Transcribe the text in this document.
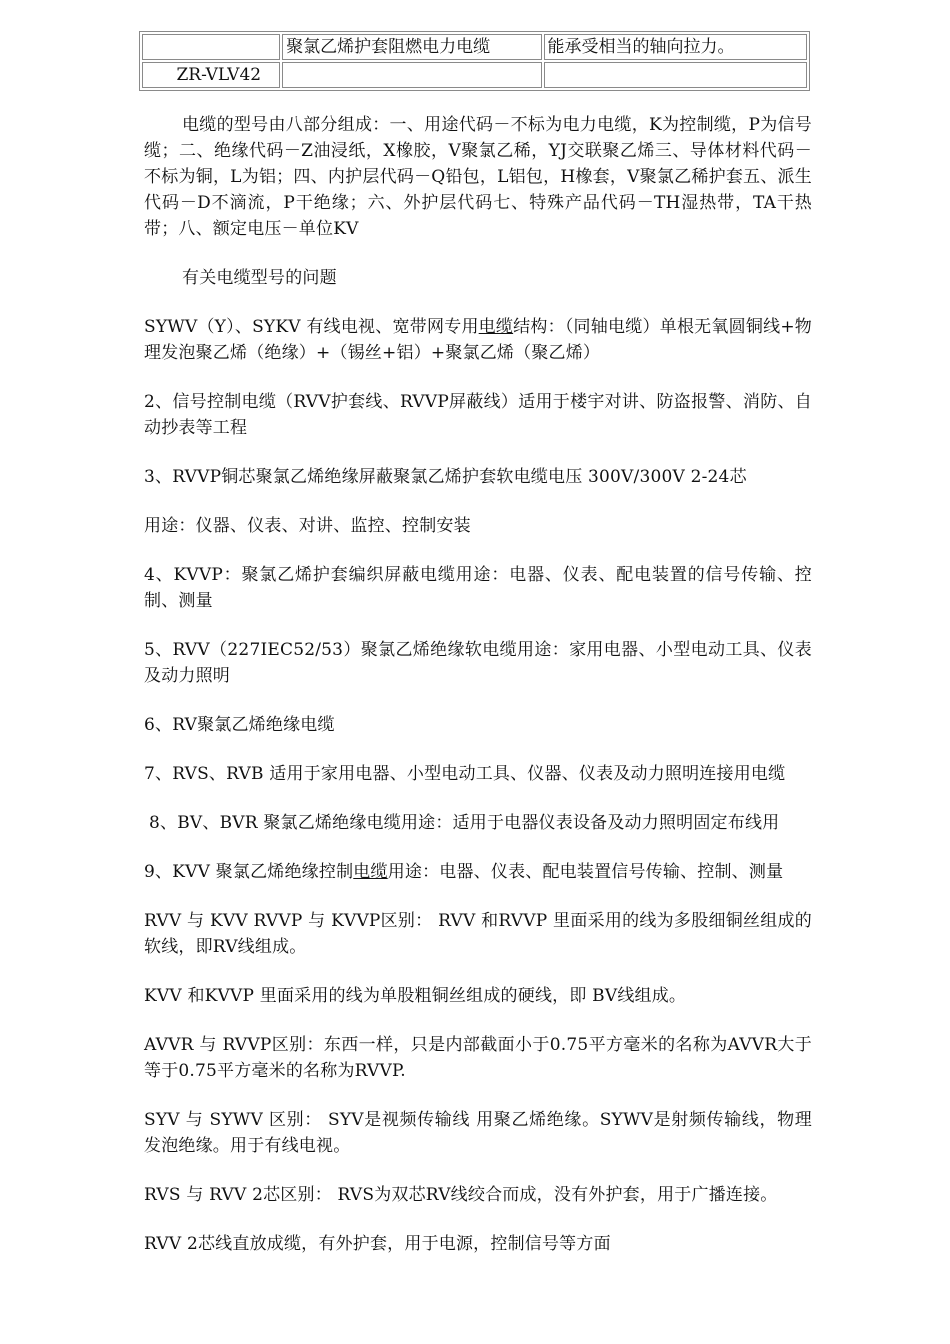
	聚氯乙烯护套阻燃电力电缆	能承受相当的轴向拉力。
ZR-VLV42		

电缆的型号由八部分组成：一、用途代码－不标为电力电缆，K为控制缆，P为信号缆；二、绝缘代码－Z油浸纸，X橡胶，V聚氯乙稀，YJ交联聚乙烯三、导体材料代码－不标为铜，L为铝；四、内护层代码－Q铅包，L铝包，H橡套，V聚氯乙稀护套五、派生代码－D不滴流，P干绝缘；六、外护层代码七、特殊产品代码－TH湿热带，TA干热带；八、额定电压－单位KV

有关电缆型号的问题

SYWV（Y）、SYKV 有线电视、宽带网专用电缆结构：（同轴电缆）单根无氧圆铜线+物理发泡聚乙烯（绝缘）+（锡丝+铝）+聚氯乙烯（聚乙烯）

2、信号控制电缆（RVV护套线、RVVP屏蔽线）适用于楼宇对讲、防盗报警、消防、自动抄表等工程

3、RVVP铜芯聚氯乙烯绝缘屏蔽聚氯乙烯护套软电缆电压 300V/300V 2-24芯

用途：仪器、仪表、对讲、监控、控制安装

4、KVVP：聚氯乙烯护套编织屏蔽电缆用途：电器、仪表、配电装置的信号传输、控制、测量

5、RVV（227IEC52/53）聚氯乙烯绝缘软电缆用途：家用电器、小型电动工具、仪表及动力照明

6、RV聚氯乙烯绝缘电缆

7、RVS、RVB 适用于家用电器、小型电动工具、仪器、仪表及动力照明连接用电缆

8、BV、BVR 聚氯乙烯绝缘电缆用途：适用于电器仪表设备及动力照明固定布线用

9、KVV 聚氯乙烯绝缘控制电缆用途：电器、仪表、配电装置信号传输、控制、测量

RVV 与 KVV RVVP 与 KVVP区别： RVV 和RVVP 里面采用的线为多股细铜丝组成的软线，即RV线组成。

KVV 和KVVP 里面采用的线为单股粗铜丝组成的硬线，即 BV线组成。

AVVR 与 RVVP区别：东西一样，只是内部截面小于0.75平方毫米的名称为AVVR大于等于0.75平方毫米的名称为RVVP.

SYV 与 SYWV 区别： SYV是视频传输线 用聚乙烯绝缘。SYWV是射频传输线，物理发泡绝缘。用于有线电视。

RVS 与 RVV 2芯区别： RVS为双芯RV线绞合而成，没有外护套，用于广播连接。

RVV 2芯线直放成缆，有外护套，用于电源，控制信号等方面
